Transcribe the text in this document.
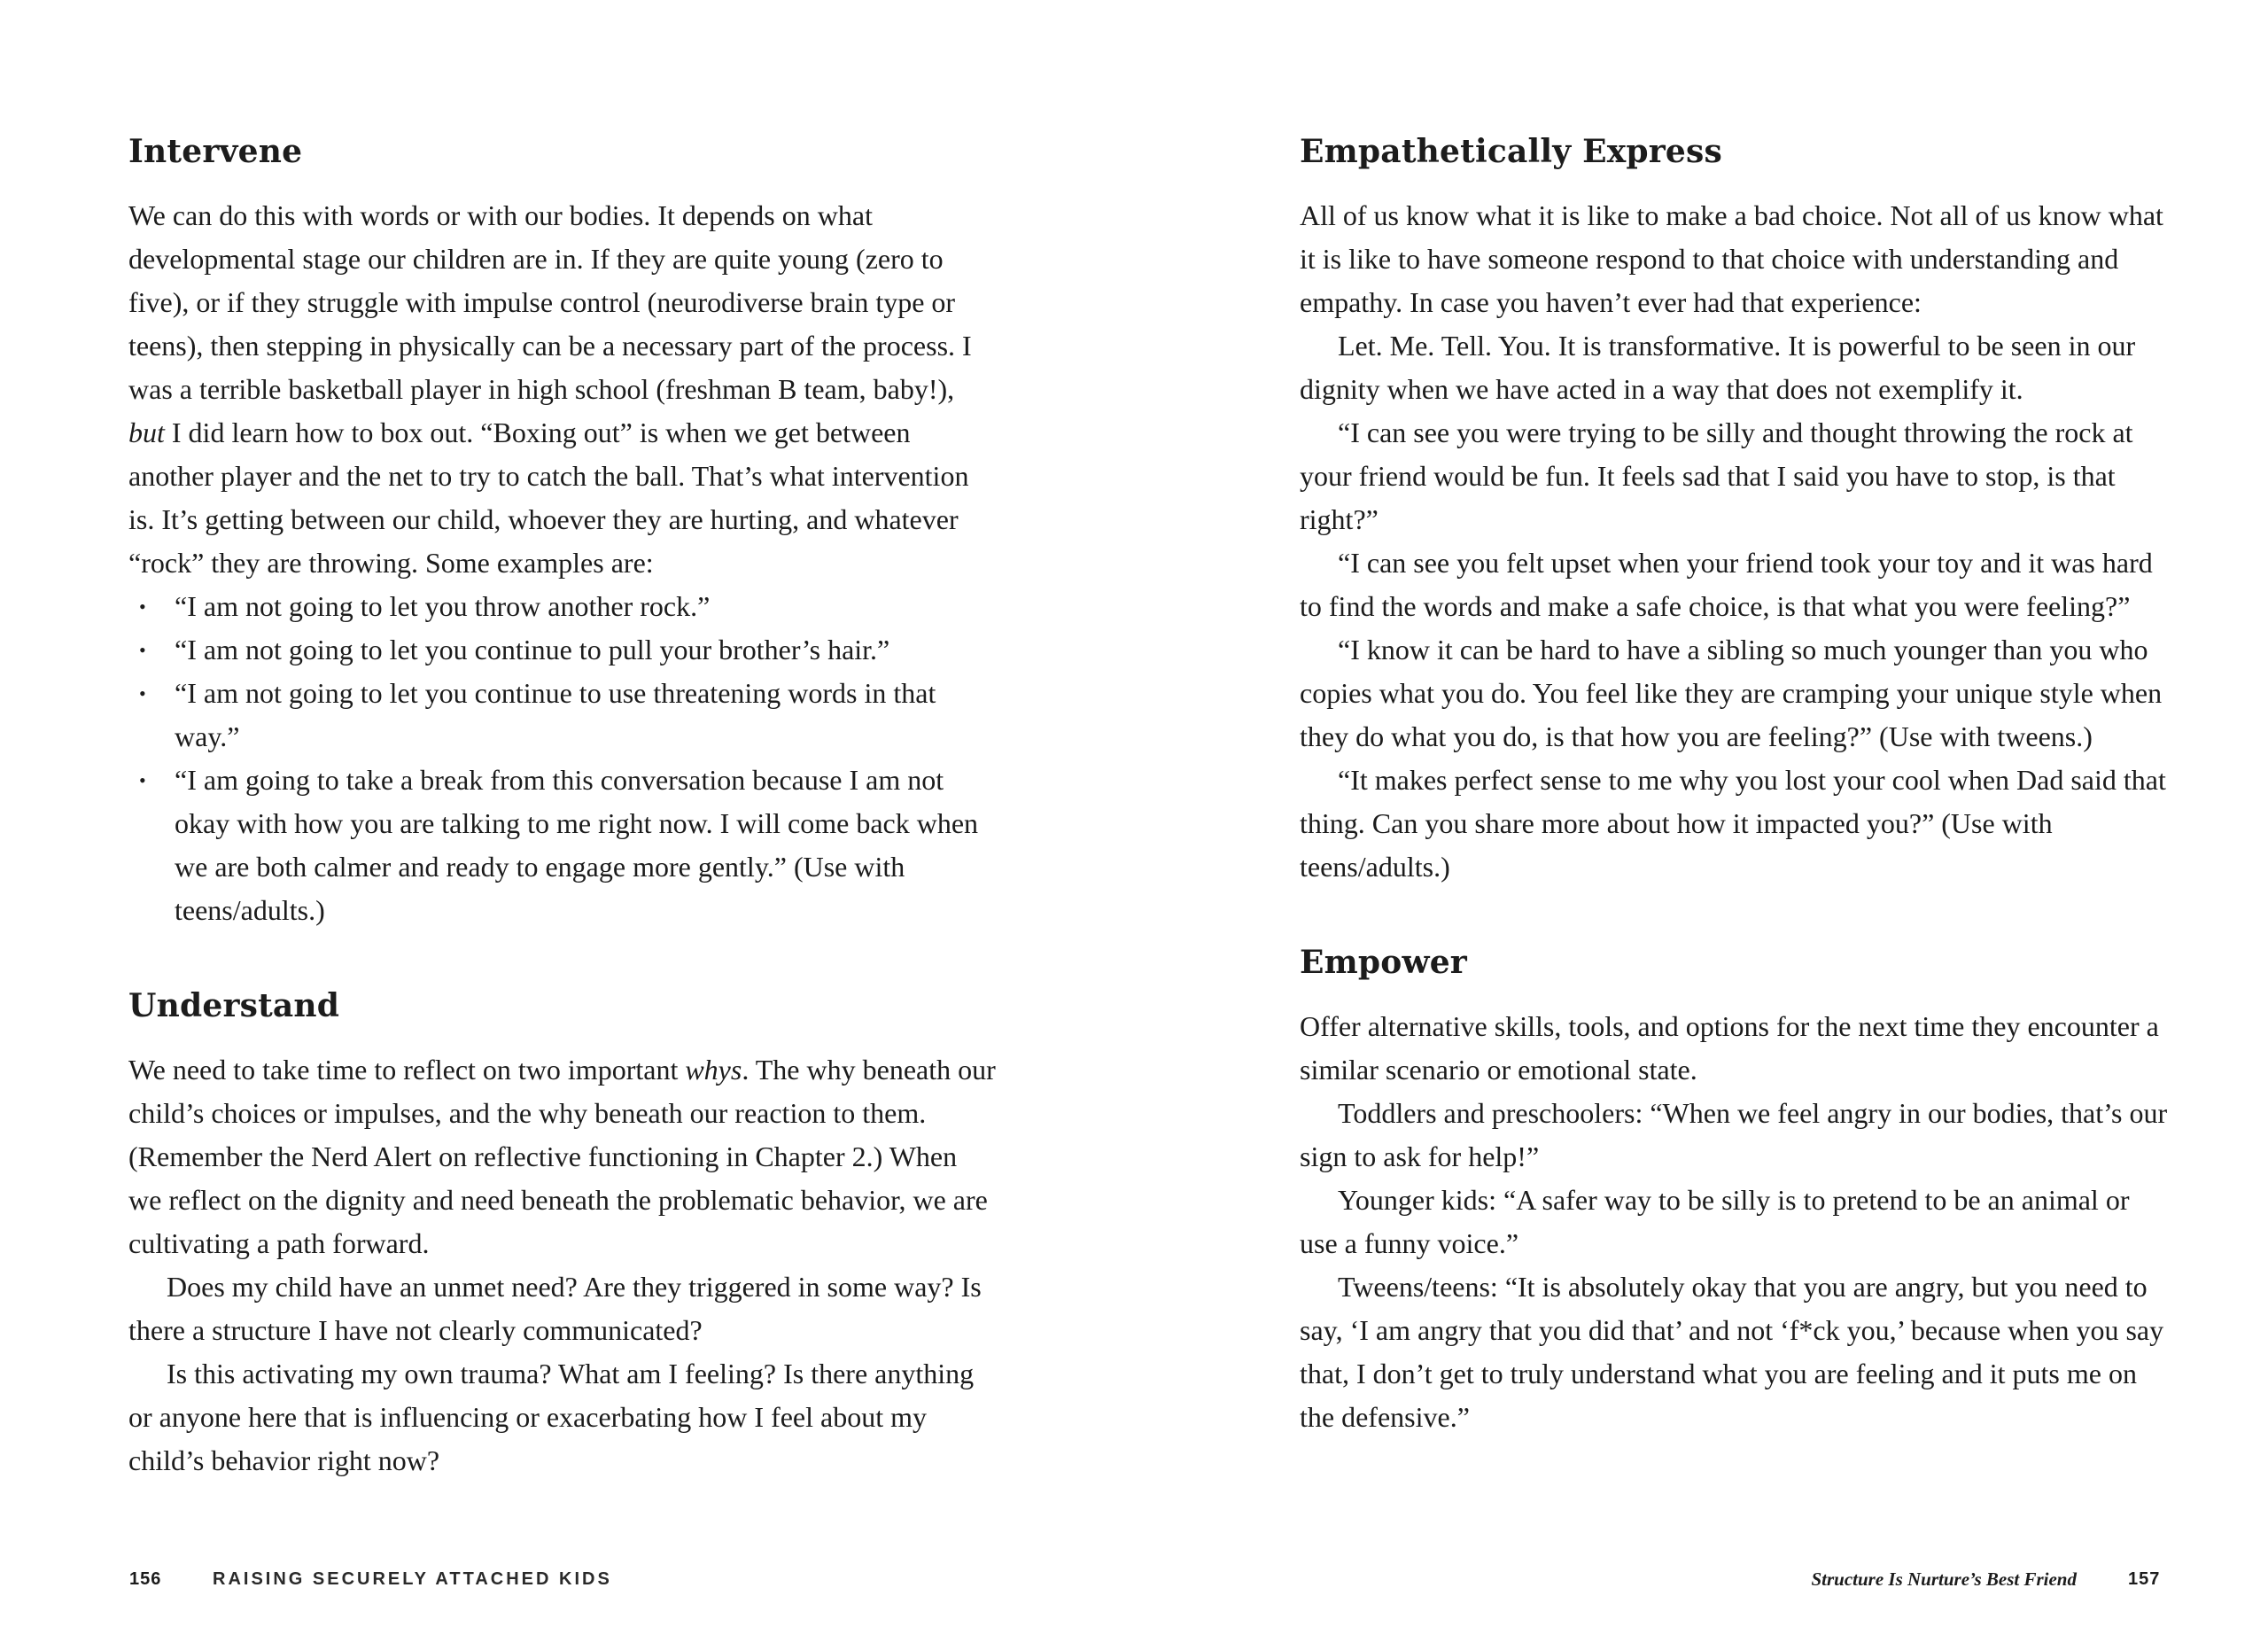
Intervene

We can do this with words or with our bodies. It depends on what developmental stage our children are in. If they are quite young (zero to five), or if they struggle with impulse control (neurodiverse brain type or teens), then stepping in physically can be a necessary part of the process. I was a terrible basketball player in high school (freshman B team, baby!), but I did learn how to box out. “Boxing out” is when we get between another player and the net to try to catch the ball. That’s what intervention is. It’s getting between our child, whoever they are hurting, and whatever “rock” they are throwing. Some examples are:

• “I am not going to let you throw another rock.”
• “I am not going to let you continue to pull your brother’s hair.”
• “I am not going to let you continue to use threatening words in that way.”
• “I am going to take a break from this conversation because I am not okay with how you are talking to me right now. I will come back when we are both calmer and ready to engage more gently.” (Use with teens/adults.)
Understand

We need to take time to reflect on two important whys. The why beneath our child’s choices or impulses, and the why beneath our reaction to them. (Remember the Nerd Alert on reflective functioning in Chapter 2.) When we reflect on the dignity and need beneath the problematic behavior, we are cultivating a path forward.

Does my child have an unmet need? Are they triggered in some way? Is there a structure I have not clearly communicated?

Is this activating my own trauma? What am I feeling? Is there anything or anyone here that is influencing or exacerbating how I feel about my child’s behavior right now?

Empathetically Express

All of us know what it is like to make a bad choice. Not all of us know what it is like to have someone respond to that choice with understanding and empathy. In case you haven’t ever had that experience:

Let. Me. Tell. You. It is transformative. It is powerful to be seen in our dignity when we have acted in a way that does not exemplify it.

“I can see you were trying to be silly and thought throwing the rock at your friend would be fun. It feels sad that I said you have to stop, is that right?”

“I can see you felt upset when your friend took your toy and it was hard to find the words and make a safe choice, is that what you were feeling?”

“I know it can be hard to have a sibling so much younger than you who copies what you do. You feel like they are cramping your unique style when they do what you do, is that how you are feeling?” (Use with tweens.)

“It makes perfect sense to me why you lost your cool when Dad said that thing. Can you share more about how it impacted you?” (Use with teens/adults.)

Empower

Offer alternative skills, tools, and options for the next time they encounter a similar scenario or emotional state.

Toddlers and preschoolers: “When we feel angry in our bodies, that’s our sign to ask for help!”

Younger kids: “A safer way to be silly is to pretend to be an animal or use a funny voice.”

Tweens/teens: “It is absolutely okay that you are angry, but you need to say, ‘I am angry that you did that’ and not ‘f*ck you,’ because when you say that, I don’t get to truly understand what you are feeling and it puts me on the defensive.”

156	RAISING SECURELY ATTACHED KIDS	Structure Is Nurture’s Best Friend	157
